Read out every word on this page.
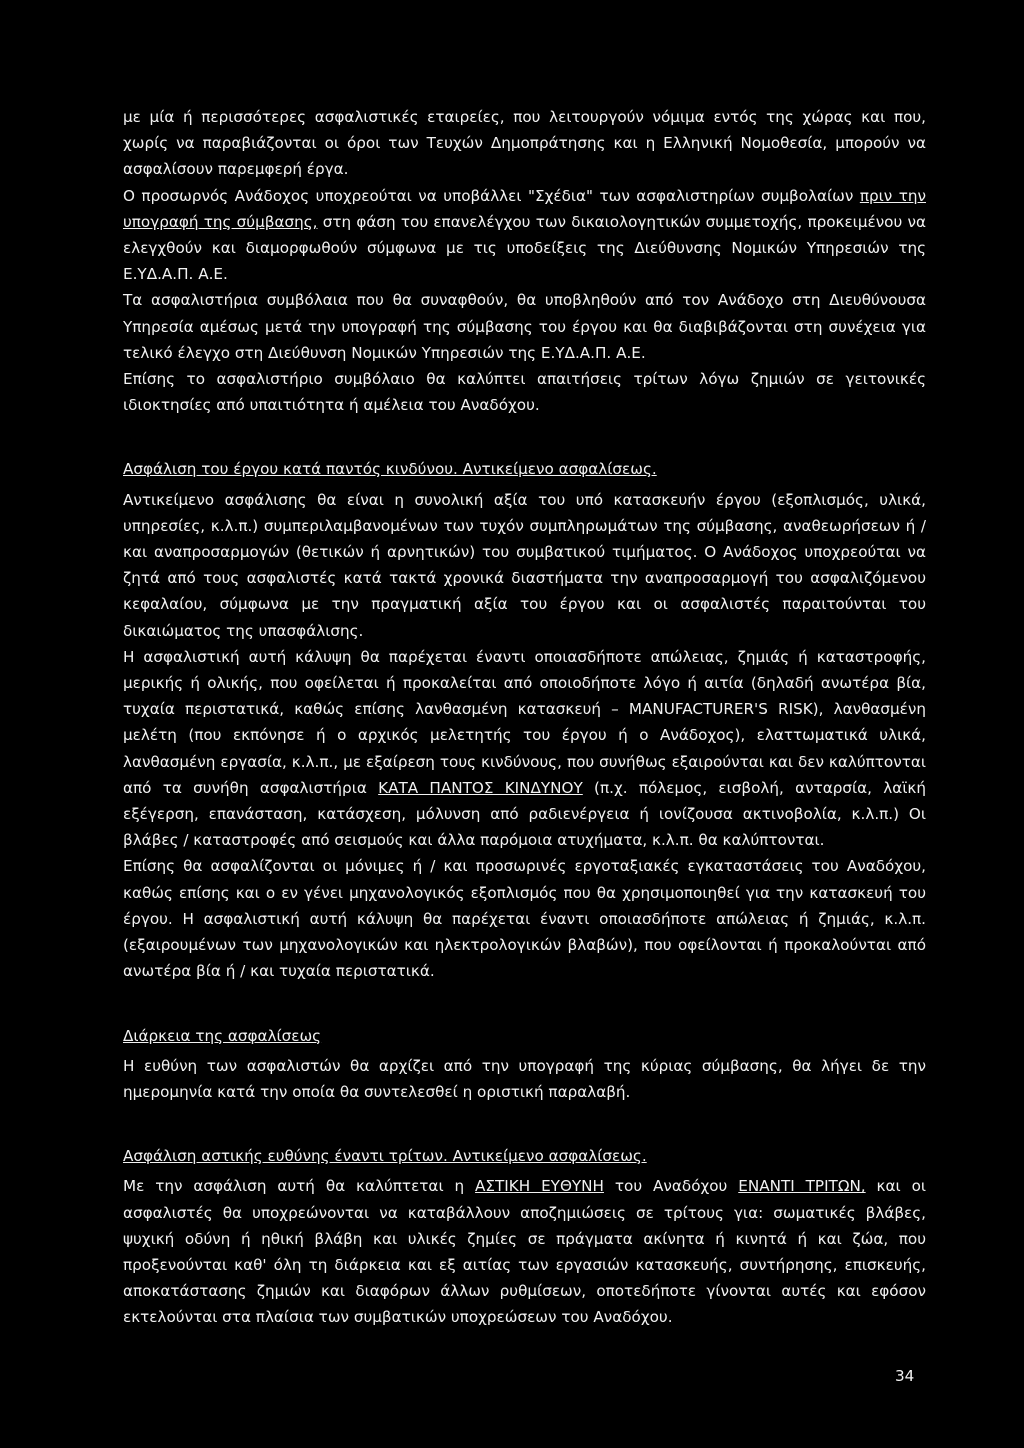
με μία ή περισσότερες ασφαλιστικές εταιρείες, που λειτουργούν νόμιμα εντός της χώρας και που, χωρίς να παραβιάζονται οι όροι των Τευχών Δημοπράτησης και η Ελληνική Νομοθεσία, μπορούν να ασφαλίσουν παρεμφερή έργα.

Ο προσωρνός Ανάδοχος υποχρεούται να υποβάλλει "Σχέδια" των ασφαλιστηρίων συμβολαίων πριν την υπογραφή της σύμβασης, στη φάση του επανελέγχου των δικαιολογητικών συμμετοχής, προκειμένου να ελεγχθούν και διαμορφωθούν σύμφωνα με τις υποδείξεις της Διεύθυνσης Νομικών Υπηρεσιών της Ε.ΥΔ.Α.Π. Α.Ε.

Τα ασφαλιστήρια συμβόλαια που θα συναφθούν, θα υποβληθούν από τον Ανάδοχο στη Διευθύνουσα Υπηρεσία αμέσως μετά την υπογραφή της σύμβασης του έργου και θα διαβιβάζονται στη συνέχεια για τελικό έλεγχο στη Διεύθυνση Νομικών Υπηρεσιών της Ε.ΥΔ.Α.Π. Α.Ε.

Επίσης το ασφαλιστήριο συμβόλαιο θα καλύπτει απαιτήσεις τρίτων λόγω ζημιών σε γειτονικές ιδιοκτησίες από υπαιτιότητα ή αμέλεια του Αναδόχου.

Ασφάλιση του έργου κατά παντός κινδύνου. Αντικείμενο ασφαλίσεως.

Αντικείμενο ασφάλισης θα είναι η συνολική αξία του υπό κατασκευήν έργου (εξοπλισμός, υλικά, υπηρεσίες, κ.λ.π.) συμπεριλαμβανομένων των τυχόν συμπληρωμάτων της σύμβασης, αναθεωρήσεων ή / και αναπροσαρμογών (θετικών ή αρνητικών) του συμβατικού τιμήματος. Ο Ανάδοχος υποχρεούται να ζητά από τους ασφαλιστές κατά τακτά χρονικά διαστήματα την αναπροσαρμογή του ασφαλιζόμενου κεφαλαίου, σύμφωνα με την πραγματική αξία του έργου και οι ασφαλιστές παραιτούνται του δικαιώματος της υπασφάλισης.

Η ασφαλιστική αυτή κάλυψη θα παρέχεται έναντι οποιασδήποτε απώλειας, ζημιάς ή καταστροφής, μερικής ή ολικής, που οφείλεται ή προκαλείται από οποιοδήποτε λόγο ή αιτία (δηλαδή ανωτέρα βία, τυχαία περιστατικά, καθώς επίσης λανθασμένη κατασκευή – MANUFACTURER'S RISK), λανθασμένη μελέτη (που εκπόνησε ή ο αρχικός μελετητής του έργου ή ο Ανάδοχος), ελαττωματικά υλικά, λανθασμένη εργασία, κ.λ.π., με εξαίρεση τους κινδύνους, που συνήθως εξαιρούνται και δεν καλύπτονται από τα συνήθη ασφαλιστήρια ΚΑΤΑ ΠΑΝΤΟΣ ΚΙΝΔΥΝΟΥ (π.χ. πόλεμος, εισβολή, ανταρσία, λαϊκή εξέγερση, επανάσταση, κατάσχεση, μόλυνση από ραδιενέργεια ή ιονίζουσα ακτινοβολία, κ.λ.π.) Οι βλάβες / καταστροφές από σεισμούς και άλλα παρόμοια ατυχήματα, κ.λ.π. θα καλύπτονται.

Επίσης θα ασφαλίζονται οι μόνιμες ή / και προσωρινές εργοταξιακές εγκαταστάσεις του Αναδόχου, καθώς επίσης και ο εν γένει μηχανολογικός εξοπλισμός που θα χρησιμοποιηθεί για την κατασκευή του έργου. Η ασφαλιστική αυτή κάλυψη θα παρέχεται έναντι οποιασδήποτε απώλειας ή ζημιάς, κ.λ.π. (εξαιρουμένων των μηχανολογικών και ηλεκτρολογικών βλαβών), που οφείλονται ή προκαλούνται από ανωτέρα βία ή / και τυχαία περιστατικά.

Διάρκεια της ασφαλίσεως

Η ευθύνη των ασφαλιστών θα αρχίζει από την υπογραφή της κύριας σύμβασης, θα λήγει δε την ημερομηνία κατά την οποία θα συντελεσθεί η οριστική παραλαβή.

Ασφάλιση αστικής ευθύνης έναντι τρίτων. Αντικείμενο ασφαλίσεως.

Με την ασφάλιση αυτή θα καλύπτεται η ΑΣΤΙΚΗ ΕΥΘΥΝΗ του Αναδόχου ΕΝΑΝΤΙ ΤΡΙΤΩΝ, και οι ασφαλιστές θα υποχρεώνονται να καταβάλλουν αποζημιώσεις σε τρίτους για: σωματικές βλάβες, ψυχική οδύνη ή ηθική βλάβη και υλικές ζημίες σε πράγματα ακίνητα ή κινητά ή και ζώα, που προξενούνται καθ' όλη τη διάρκεια και εξ αιτίας των εργασιών κατασκευής, συντήρησης, επισκευής, αποκατάστασης ζημιών και διαφόρων άλλων ρυθμίσεων, οποτεδήποτε γίνονται αυτές και εφόσον εκτελούνται στα πλαίσια των συμβατικών υποχρεώσεων του Αναδόχου.

34
